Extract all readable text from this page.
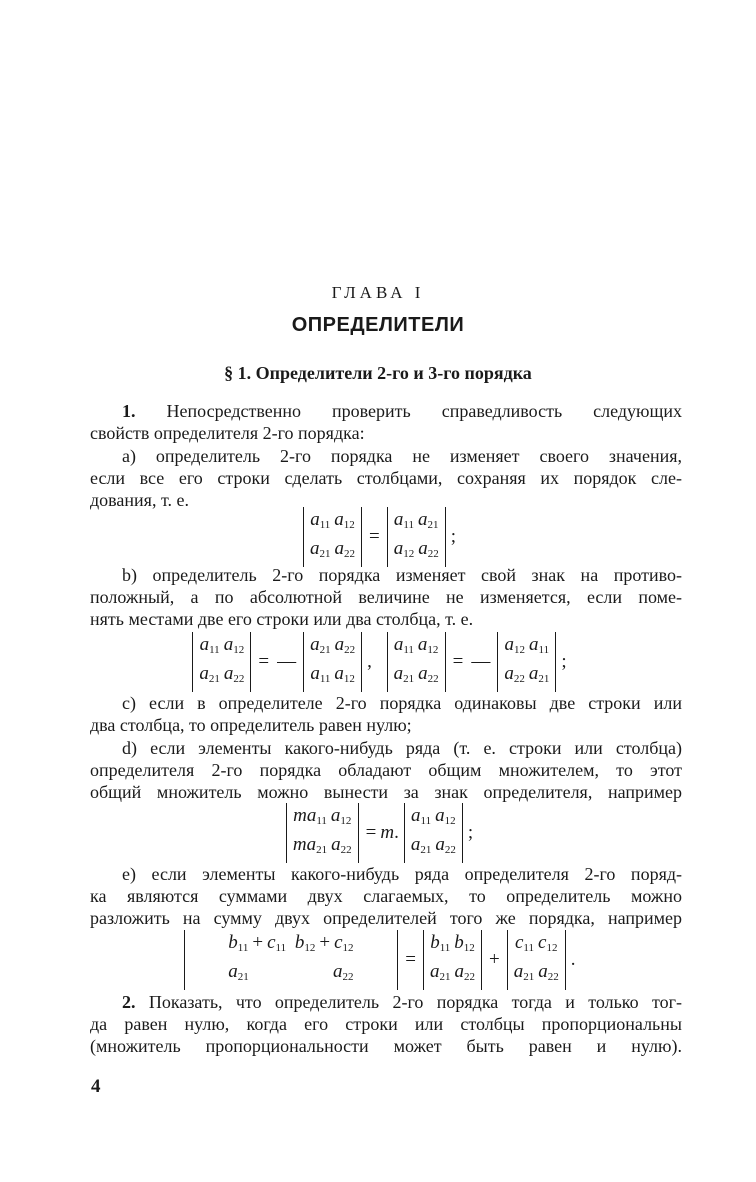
ГЛАВА I
ОПРЕДЕЛИТЕЛИ
§ 1. Определители 2-го и 3-го порядка
1. Непосредственно проверить справедливость следующих
свойств определителя 2-го порядка:
а) определитель 2-го порядка не изменяет своего значения,
если все его строки сделать столбцами, сохраняя их порядок сле-
дования, т. е.
$a_{11}$ $a_{12}$
$a_{21}$ $a_{22}$
=
$a_{11}$ $a_{21}$
$a_{12}$ $a_{22}$
;
b) определитель 2-го порядка изменяет свой знак на противо-
положный, а по абсолютной величине не изменяется, если поме-
нять местами две его строки или два столбца, т. е.
$a_{11}$ $a_{12}$
$a_{21}$ $a_{22}$
= —
$a_{21}$ $a_{22}$
$a_{11}$ $a_{12}$
,
$a_{11}$ $a_{12}$
$a_{21}$ $a_{22}$
= —
$a_{12}$ $a_{11}$
$a_{22}$ $a_{21}$
;
с) если в определителе 2-го порядка одинаковы две строки или
два столбца, то определитель равен нулю;
d) если элементы какого-нибудь ряда (т. е. строки или столбца)
определителя 2-го порядка обладают общим множителем, то этот
общий множитель можно вынести за знак определителя, например
$ma_{11}$ $a_{12}$
$ma_{21}$ $a_{22}$
= m.
$a_{11}$ $a_{12}$
$a_{21}$ $a_{22}$
;
е) если элементы какого-нибудь ряда определителя 2-го поряд-
ка являются суммами двух слагаемых, то определитель можно
разложить на сумму двух определителей того же порядка, например
$b_{11} + c_{11}$ $b_{12} + c_{12}$
$a_{21}$	$a_{22}$
=
$b_{11}$ $b_{12}$
$a_{21}$ $a_{22}$
+
$c_{11}$ $c_{12}$
$a_{21}$ $a_{22}$
.
2. Показать, что определитель 2-го порядка тогда и только тог-
да равен нулю, когда его строки или столбцы пропорциональны
(множитель пропорциональности может быть равен и нулю).
4
